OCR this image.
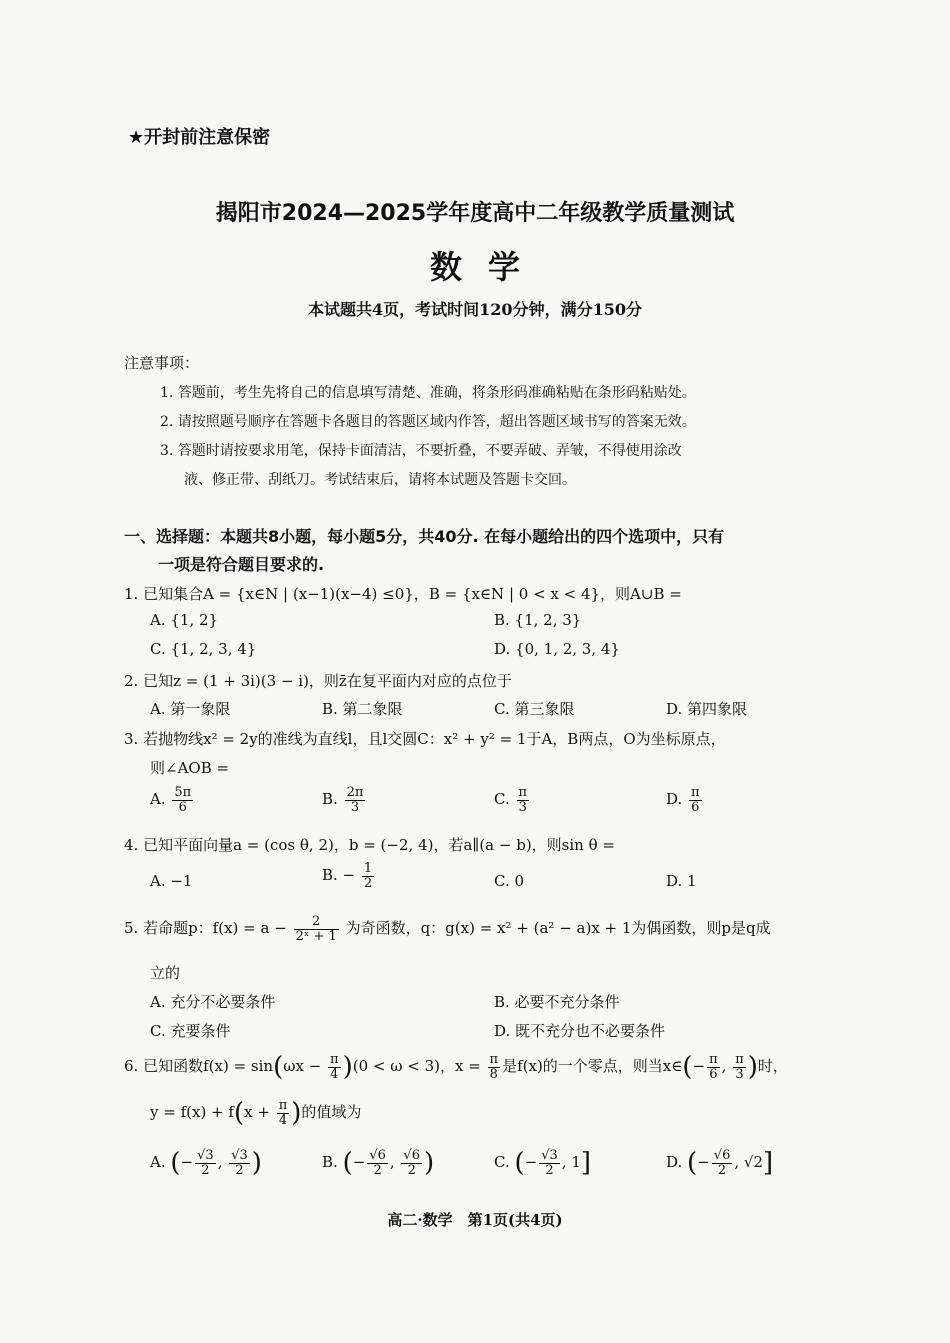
★开封前注意保密
揭阳市2024—2025学年度高中二年级教学质量测试
数学
本试题共4页，考试时间120分钟，满分150分
注意事项：
1. 答题前，考生先将自己的信息填写清楚、准确，将条形码准确粘贴在条形码粘贴处。
2. 请按照题号顺序在答题卡各题目的答题区域内作答，超出答题区域书写的答案无效。
3. 答题时请按要求用笔，保持卡面清洁，不要折叠，不要弄破、弄皱，不得使用涂改
液、修正带、刮纸刀。考试结束后，请将本试题及答题卡交回。
一、选择题：本题共8小题，每小题5分，共40分. 在每小题给出的四个选项中，只有
一项是符合题目要求的.
1. 已知集合A = {x∈N | (x−1)(x−4) ≤0}，B = {x∈N | 0 < x < 4}，则A∪B =
A. {1, 2}	B. {1, 2, 3}
C. {1, 2, 3, 4}	D. {0, 1, 2, 3, 4}
2. 已知z = (1 + 3i)(3 − i)，则z̄在复平面内对应的点位于
A. 第一象限	B. 第二象限	C. 第三象限	D. 第四象限
3. 若抛物线x² = 2y的准线为直线l，且l交圆C：x² + y² = 1于A，B两点，O为坐标原点，
则∠AOB =
A. $\frac{5\pi}{6}$	B. $\frac{2\pi}{3}$	C. $\frac{\pi}{3}$	D. $\frac{\pi}{6}$
4. 已知平面向量a = (cos θ, 2)，b = (−2, 4)，若a∥(a − b)，则sin θ =
A. −1	B. − $\frac{1}{2}$	C. 0	D. 1
5. 若命题p：$f(x) = a - \frac{2}{\text{2ˣ + 1}}$ 为奇函数，q：g(x) = x² + (a² − a)x + 1为偶函数，则p是q成
立的
A. 充分不必要条件	B. 必要不充分条件
C. 充要条件	D. 既不充分也不必要条件
6. 已知函数$f(x) = \sin(\omega x - \frac{\pi}{4} )(0 < \omega < 3)$，$x = \frac{\pi}{8}$ 是f(x)的一个零点，则当x∈(− $\frac{\pi}{6}$ , $\frac{\pi}{3}$ )时，
$y = f(x) + f(x + \frac{\pi}{4}$ )的值域为
A. (− $\frac{√3}{2}$ , $\frac{√3}{2}$ )	B. (− $\frac{√6}{2}$ , $\frac{√6}{2}$ )	C. (− $\frac{√3}{2}$ , 1]	D. (− $\frac{√6}{2}$ , √2]
高二·数学　第1页(共4页)
